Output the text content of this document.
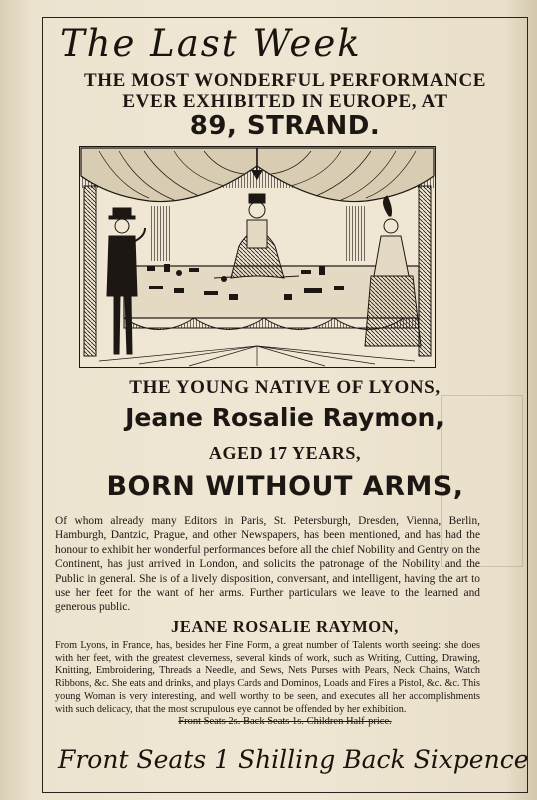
The Last Week
THE MOST WONDERFUL PERFORMANCE
EVER EXHIBITED IN EUROPE, AT
89, STRAND.
THE YOUNG NATIVE OF LYONS,
Jeane Rosalie Raymon,
AGED 17 YEARS,
BORN WITHOUT ARMS,
Of whom already many Editors in Paris, St. Petersburgh, Dresden, Vienna, Berlin, Hamburgh, Dantzic, Prague, and other Newspapers, has been mentioned, and has had the honour to exhibit her wonderful performances before all the chief Nobility and Gentry on the Continent, has just arrived in London, and solicits the patronage of the Nobility and the Public in general. She is of a lively disposition, conversant, and intelligent, having the art to use her feet for the want of her arms. Further particulars we leave to the learned and generous public.
JEANE ROSALIE RAYMON,
From Lyons, in France, has, besides her Fine Form, a great number of Talents worth seeing: she does with her feet, with the greatest cleverness, several kinds of work, such as Writing, Cutting, Drawing, Knitting, Embroidering, Threads a Needle, and Sews, Nets Purses with Pears, Neck Chains, Watch Ribbons, &c. She eats and drinks, and plays Cards and Dominos, Loads and Fires a Pistol, &c. &c. This young Woman is very interesting, and well worthy to be seen, and executes all her accomplishments with such delicacy, that the most scrupulous eye cannot be offended by her exhibition.
Front Seats 2s. Back Seats 1s. Children Half-price.
Front Seats 1 Shilling Back Sixpence
